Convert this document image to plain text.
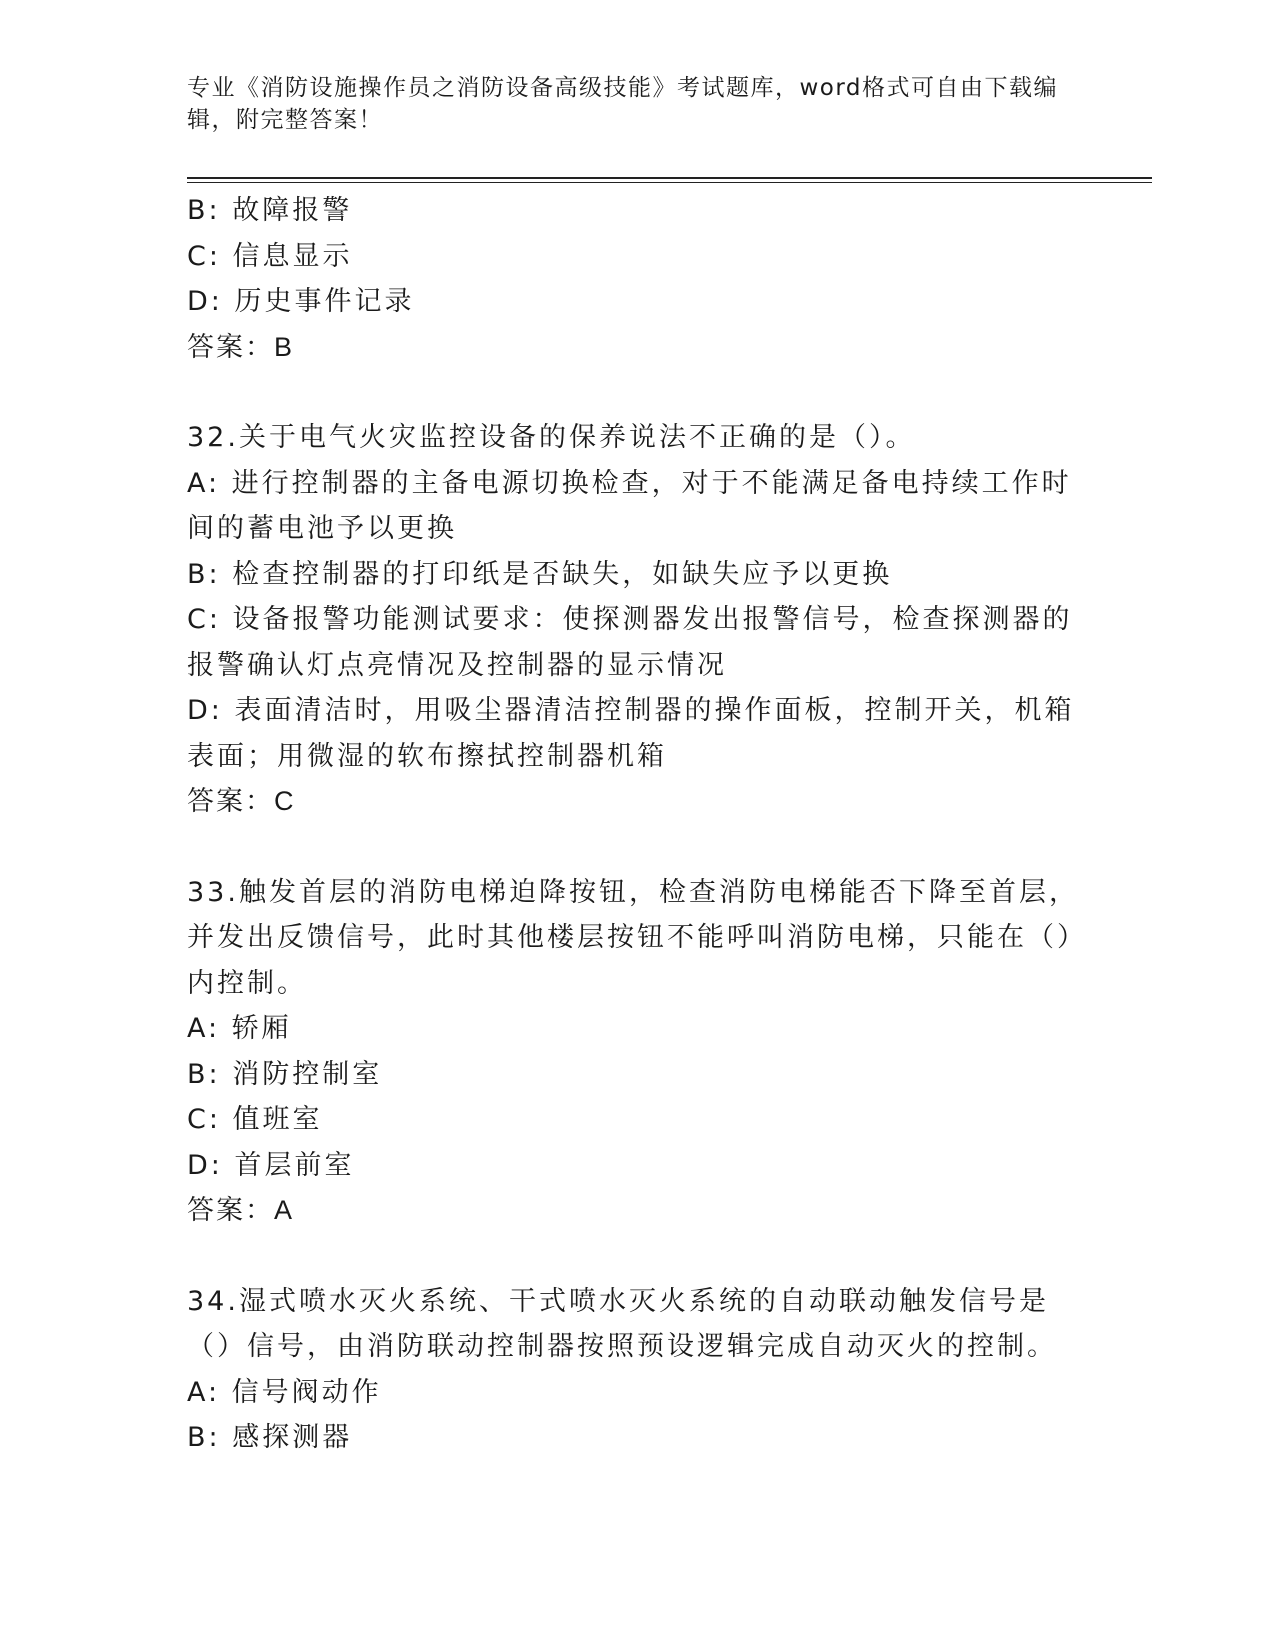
专业《消防设施操作员之消防设备高级技能》考试题库，word格式可自由下载编辑，附完整答案！
B: 故障报警
C: 信息显示
D: 历史事件记录
答案：B
32.关于电气火灾监控设备的保养说法不正确的是（）。
A: 进行控制器的主备电源切换检查，对于不能满足备电持续工作时间的蓄电池予以更换
B: 检查控制器的打印纸是否缺失，如缺失应予以更换
C: 设备报警功能测试要求：使探测器发出报警信号，检查探测器的报警确认灯点亮情况及控制器的显示情况
D: 表面清洁时，用吸尘器清洁控制器的操作面板，控制开关，机箱表面；用微湿的软布擦拭控制器机箱
答案：C
33.触发首层的消防电梯迫降按钮，检查消防电梯能否下降至首层，并发出反馈信号，此时其他楼层按钮不能呼叫消防电梯，只能在（）内控制。
A: 轿厢
B: 消防控制室
C: 值班室
D: 首层前室
答案：A
34.湿式喷水灭火系统、干式喷水灭火系统的自动联动触发信号是（）信号，由消防联动控制器按照预设逻辑完成自动灭火的控制。
A: 信号阀动作
B: 感探测器
